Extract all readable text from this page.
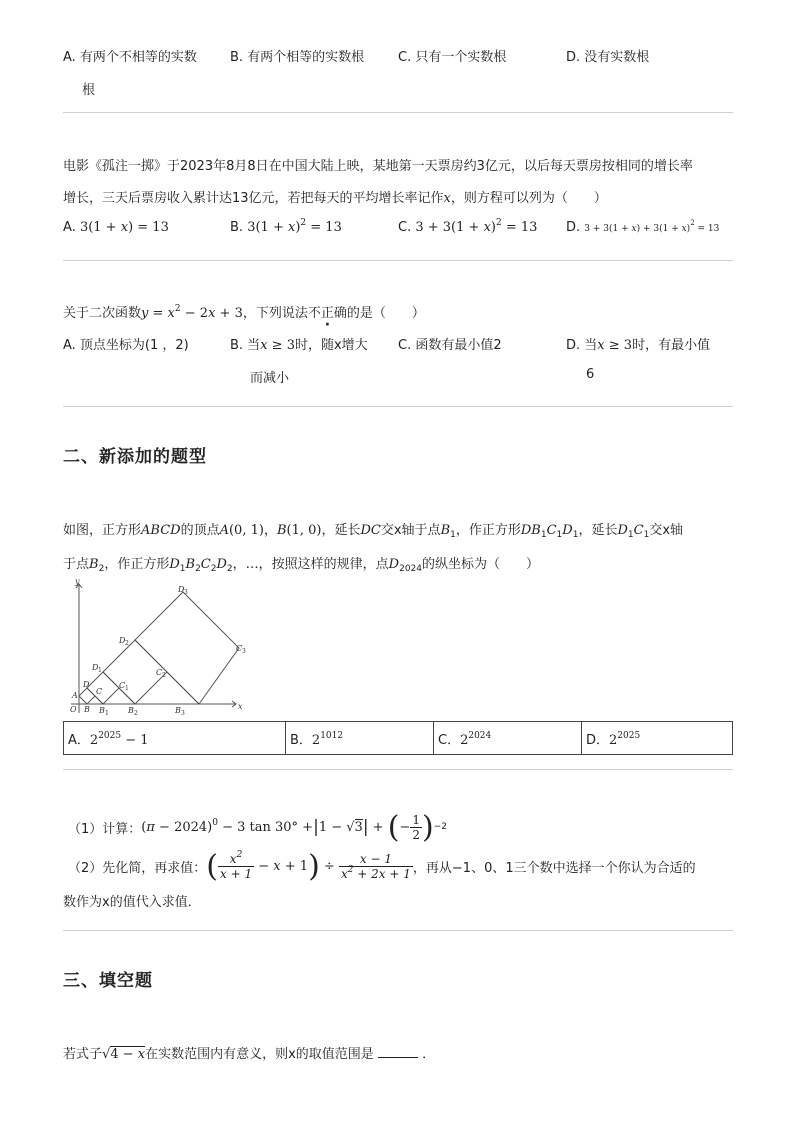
A. 有两个不相等的实数
根
B. 有两个相等的实数根	C. 只有一个实数根	D. 没有实数根
电影《孤注一掷》于2023年8月8日在中国大陆上映，某地第一天票房约3亿元，以后每天票房按相同的增长率
增长，三天后票房收入累计达13亿元，若把每天的平均增长率记作x，则方程可以列为（　　）
A. 3(1 + x) = 13	B. $3(1 + x)^2 = 13$	C. $3 + 3(1 + x)^2 = 13$ D. $3 + 3(1 + x) + 3(1 + x)^2 = 13$
关于二次函数$y = x^2 - 2x + 3$，下列说法不正确的是（　　）
A. 顶点坐标为(1 ，2)	B. 当x ≥ 3时，随x增大
而减小
C. 函数有最小值2	D. 当x ≥ 3时，有最小值
6
二、新添加的题型
如图，正方形ABCD的顶点A(0, 1)，B(1, 0)，延长DC交x轴于点$B_1$，作正方形$DB_1C_1D_1$，延长$D_1C_1$交x轴
于点$B_2$，作正方形$D_1B_2C_2D_2$，…，按照这样的规律，点$D_{2024}$的纵坐标为（　　）
y
x
O
A
B
C
D
B 1
C 1
D 1
B 2
C 2
D 2
B 3
C 3
D 3
A．$2^{2025} - 1$	B．$2^{1012}$	C．$2^{2024}$	D．$2^{2025}$
（1）计算： $(\pi - 2024)^0 - 3$ tan 30° + | 1 − √3 | + ( − $\frac{1}{2}$ ) −2
（2）先化简，再求值： ( $\frac{x^2}{x + 1} - x + 1$ ) ÷ $\frac{x - 1}{x^2 + 2x + 1}$ ，再从−1、0、1三个数中选择一个你认为合适的
数作为x的值代入求值．
三、填空题
若式子√4 − x在实数范围内有意义，则x的取值范围是	．
